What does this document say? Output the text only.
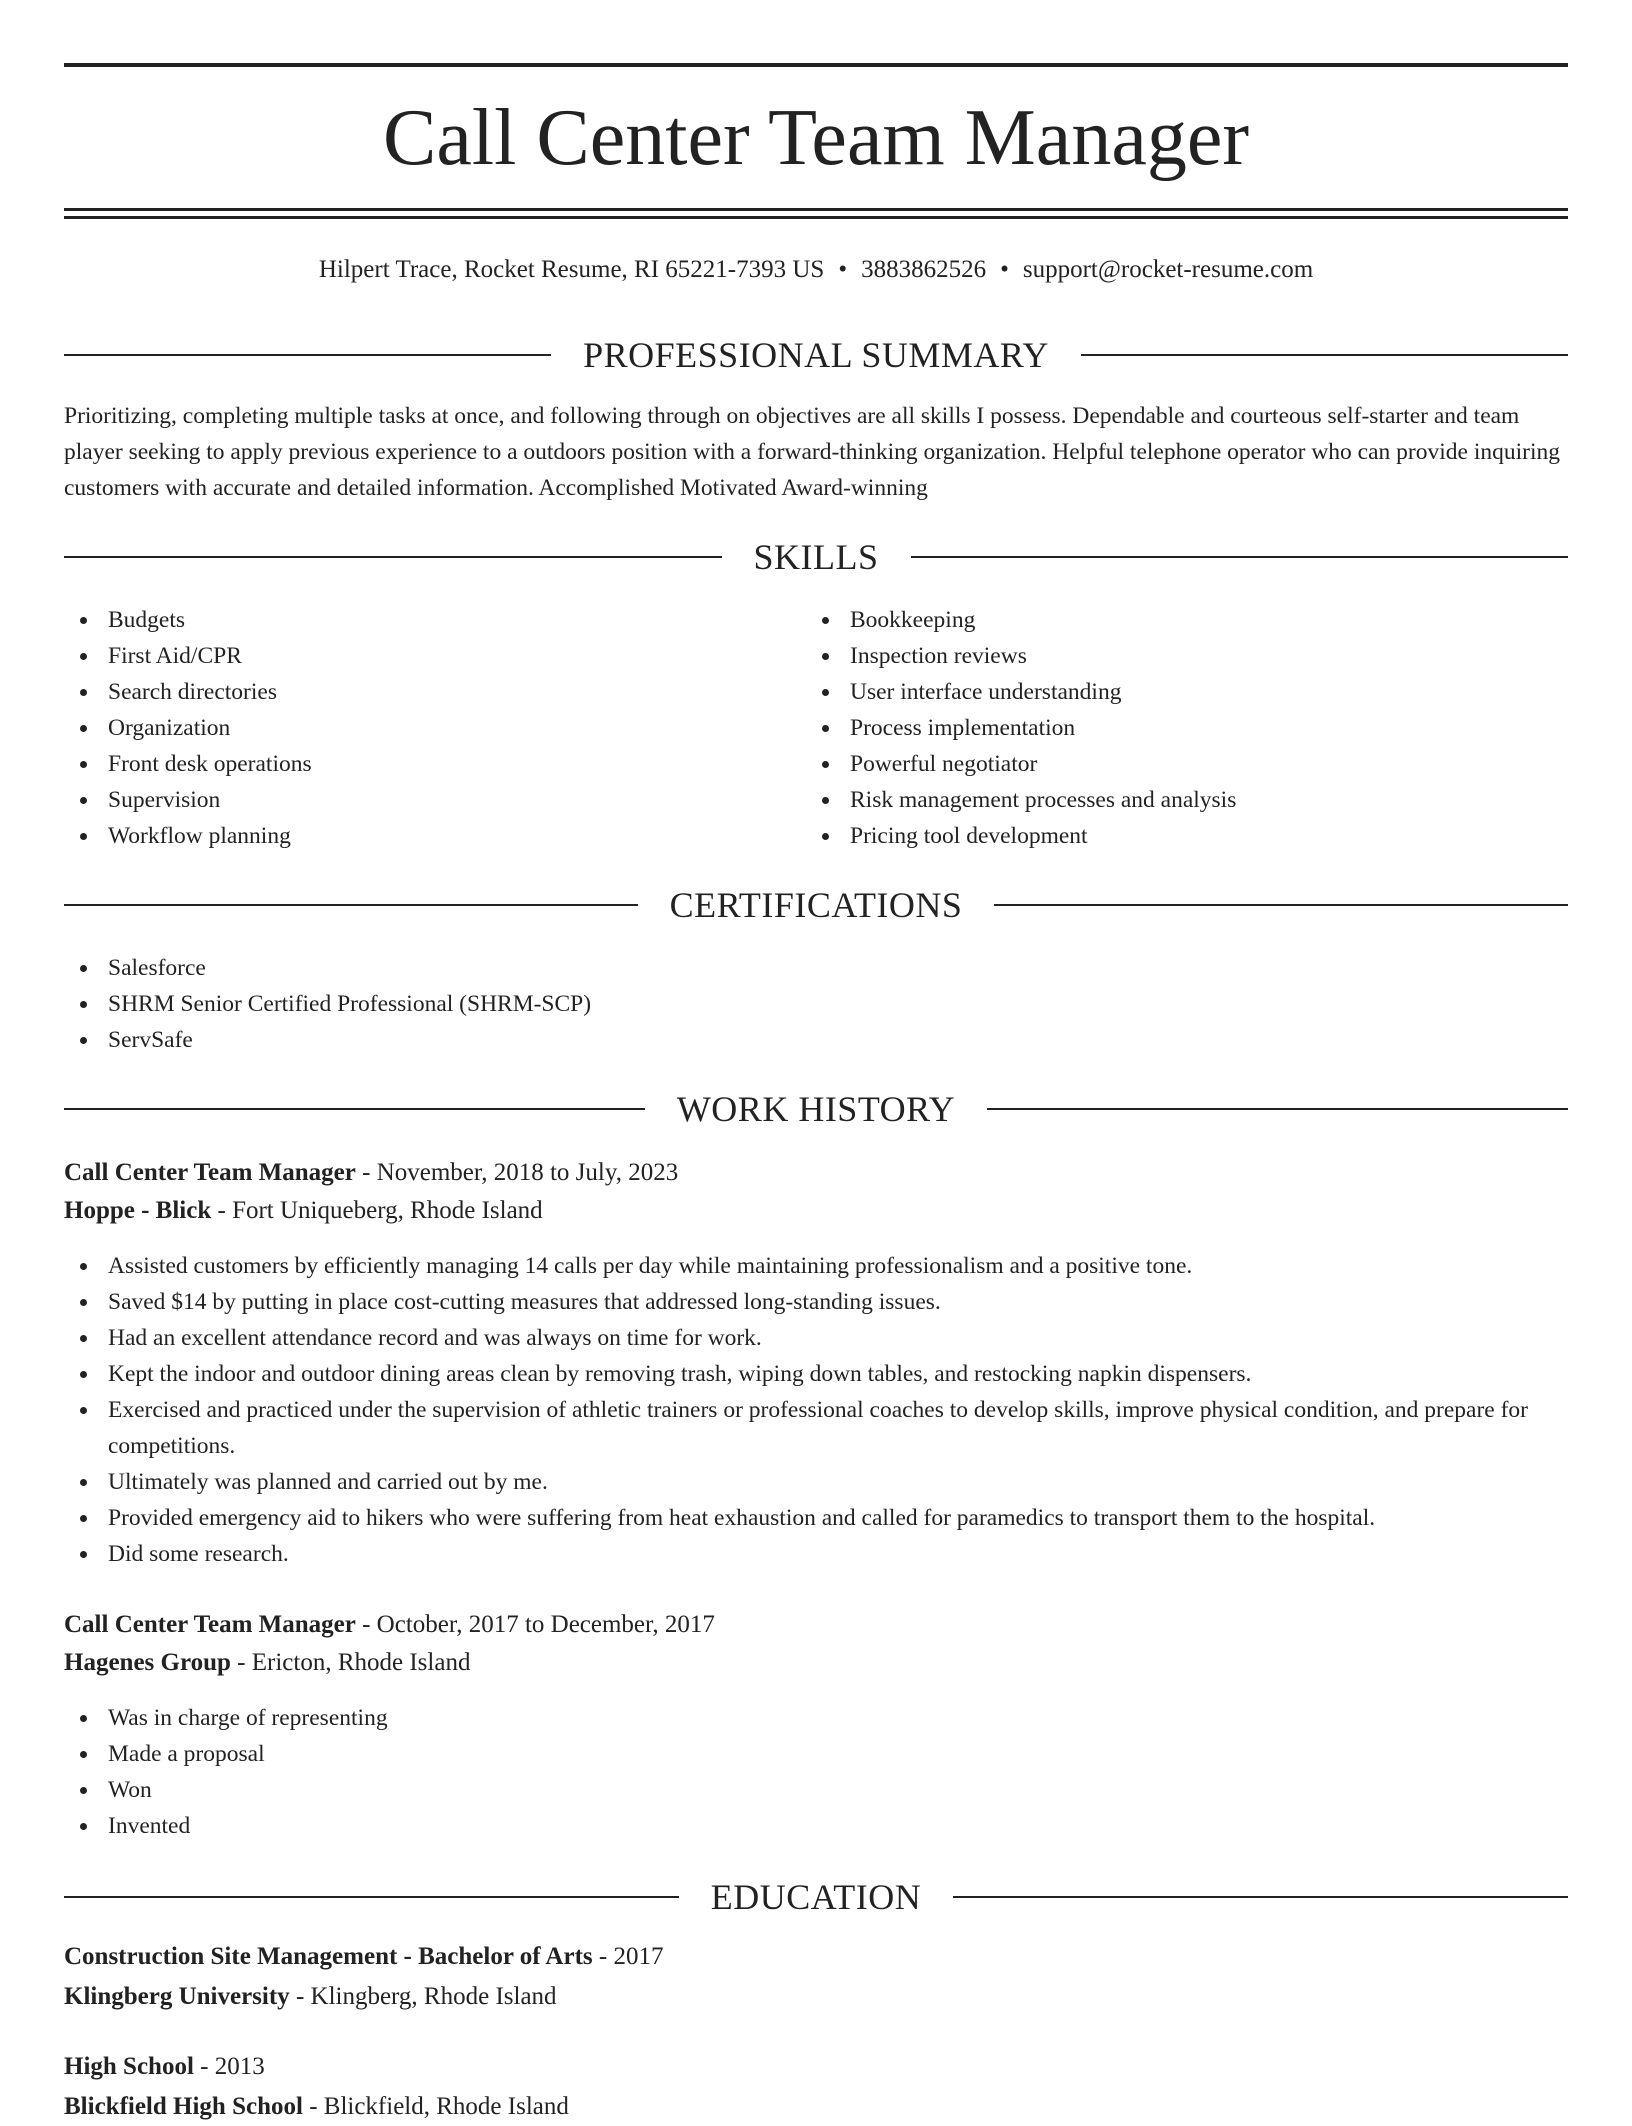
Call Center Team Manager
Hilpert Trace, Rocket Resume, RI 65221-7393 US • 3883862526 • support@rocket-resume.com
PROFESSIONAL SUMMARY

Prioritizing, completing multiple tasks at once, and following through on objectives are all skills I possess. Dependable and courteous self-starter and team player seeking to apply previous experience to a outdoors position with a forward-thinking organization. Helpful telephone operator who can provide inquiring customers with accurate and detailed information. Accomplished Motivated Award-winning

SKILLS
Budgets
First Aid/CPR
Search directories
Organization
Front desk operations
Supervision
Workflow planning
Bookkeeping
Inspection reviews
User interface understanding
Process implementation
Powerful negotiator
Risk management processes and analysis
Pricing tool development
CERTIFICATIONS
Salesforce
SHRM Senior Certified Professional (SHRM-SCP)
ServSafe
WORK HISTORY
Call Center Team Manager - November, 2018 to July, 2023
Hoppe - Blick - Fort Uniqueberg, Rhode Island
Assisted customers by efficiently managing 14 calls per day while maintaining professionalism and a positive tone.
Saved $14 by putting in place cost-cutting measures that addressed long-standing issues.
Had an excellent attendance record and was always on time for work.
Kept the indoor and outdoor dining areas clean by removing trash, wiping down tables, and restocking napkin dispensers.
Exercised and practiced under the supervision of athletic trainers or professional coaches to develop skills, improve physical condition, and prepare for competitions.
Ultimately was planned and carried out by me.
Provided emergency aid to hikers who were suffering from heat exhaustion and called for paramedics to transport them to the hospital.
Did some research.
Call Center Team Manager - October, 2017 to December, 2017
Hagenes Group - Ericton, Rhode Island
Was in charge of representing
Made a proposal
Won
Invented
EDUCATION
Construction Site Management - Bachelor of Arts - 2017
Klingberg University - Klingberg, Rhode Island
High School - 2013
Blickfield High School - Blickfield, Rhode Island
